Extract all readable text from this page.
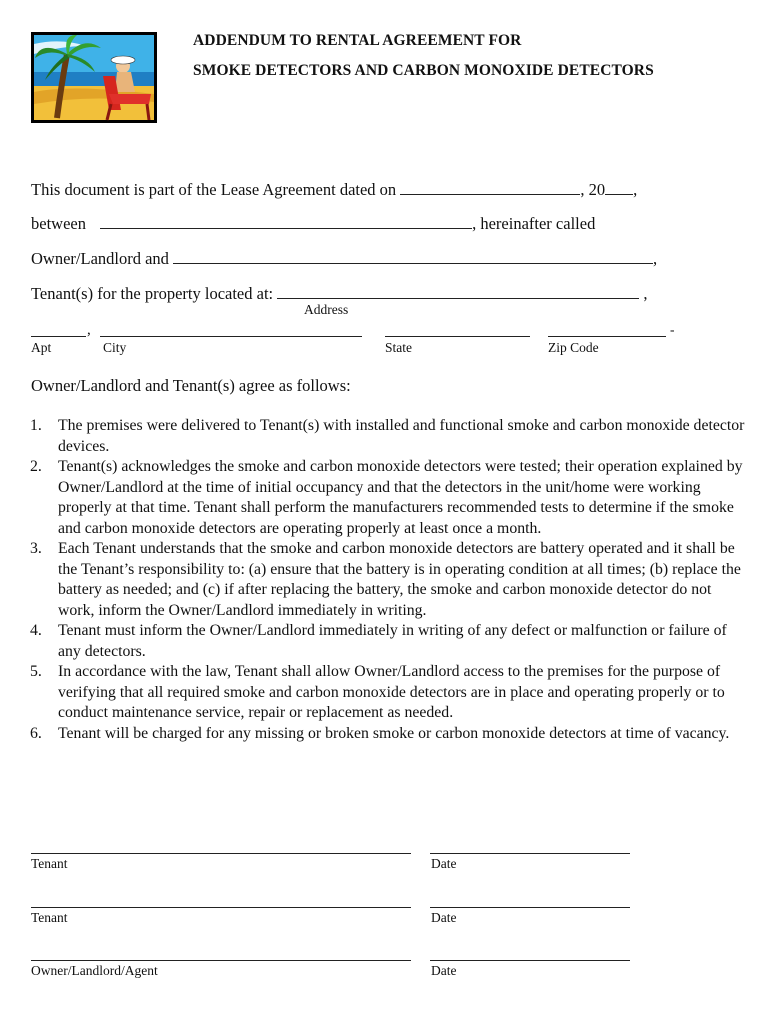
ADDENDUM TO RENTAL AGREEMENT FOR
SMOKE DETECTORS AND CARBON MONOXIDE DETECTORS
This document is part of the Lease Agreement dated on	, 20 ,
between	, hereinafter called
Owner/Landlord and	,
Tenant(s) for the property located at:	,
Address
,	-
Apt	City	State	Zip Code
Owner/Landlord and Tenant(s) agree as follows:
1.	The premises were delivered to Tenant(s) with installed and functional smoke and carbon monoxide detector devices.
2.	Tenant(s) acknowledges the smoke and carbon monoxide detectors were tested; their operation explained by Owner/Landlord at the time of initial occupancy and that the detectors in the unit/home were working properly at that time. Tenant shall perform the manufacturers recommended tests to determine if the smoke and carbon monoxide detectors are operating properly at least once a month.
3.	Each Tenant understands that the smoke and carbon monoxide detectors are battery operated and it shall be the Tenant’s responsibility to: (a) ensure that the battery is in operating condition at all times; (b) replace the battery as needed; and (c) if after replacing the battery, the smoke and carbon monoxide detector do not work, inform the Owner/Landlord immediately in writing.
4.	Tenant must inform the Owner/Landlord immediately in writing of any defect or malfunction or failure of any detectors.
5.	In accordance with the law, Tenant shall allow Owner/Landlord access to the premises for the purpose of verifying that all required smoke and carbon monoxide detectors are in place and operating properly or to conduct maintenance service, repair or replacement as needed.
6.	Tenant will be charged for any missing or broken smoke or carbon monoxide detectors at time of vacancy.
Tenant	Date
Tenant	Date
Owner/Landlord/Agent	Date
